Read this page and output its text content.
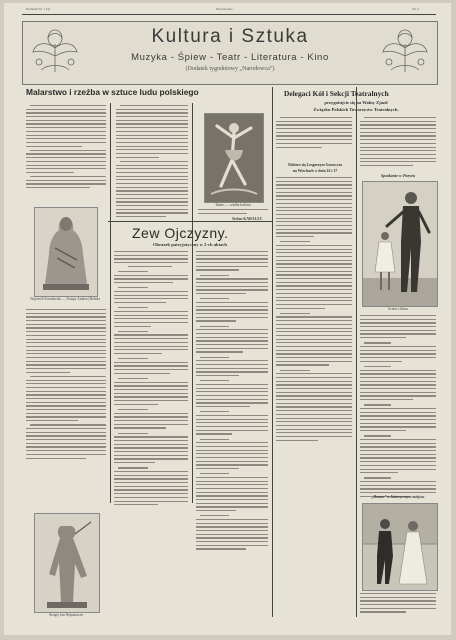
Dodatek Nr. 1 (3)	Narodowiec	Str. 5
Kultura i Sztuka
Muzyka - Śpiew - Teatr - Literatura - Kino
(Dodatek tygodniowy „Narodowca”)
Malarstwo i rzeźba w sztuce ludu polskiego
Wojciech Kosalewski — Święty Andrzej Bobola
Święty Jan Nepomucen
Taniec — rzeźba ludowa
Stefan KAWALEC
Zew Ojczyzny.
Obrazek patryjotyczny w 2-ch aktach
Delegaci Kół i Sekcji Teatralnych
przygotujcie się na Walny Zjazd
Związku Polskich Towarzystw Teatralnych.
Pobierz się Lesgorzym Gorowym
na Wiechach w dniu 16 i 17
Spotkanie w Paryżu
Scena z filmu
„Romeo” w historycznym miejscu
